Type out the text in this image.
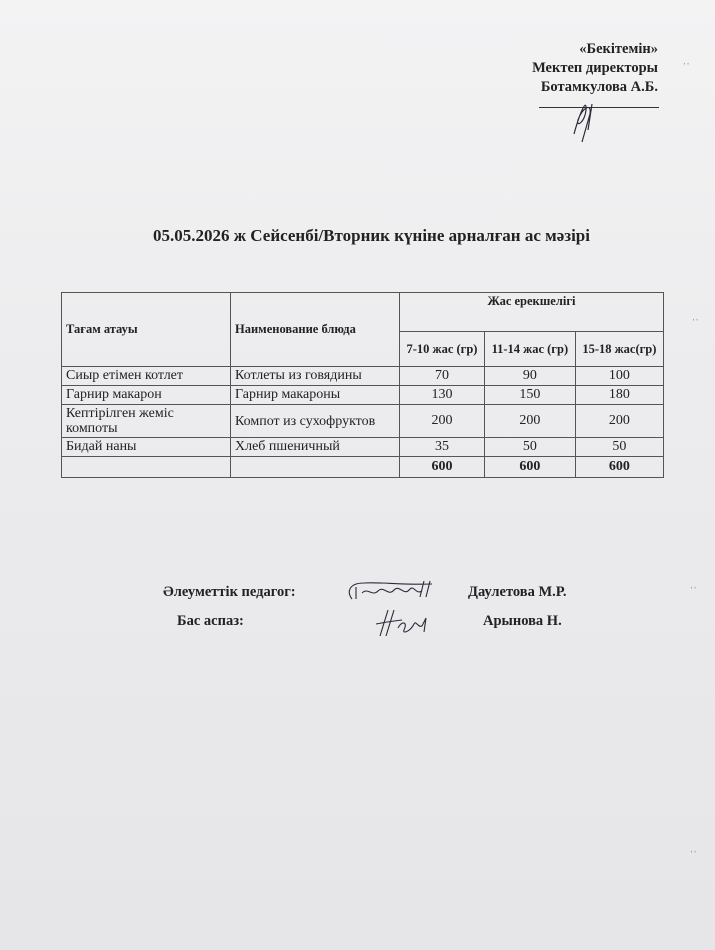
«Бекітемін»
Мектеп директоры
Ботамкулова А.Б.
05.05.2026 ж Сейсенбі/Вторник күніне арналған ас мәзірі
Тағам атауы	Наименование блюда	Жас ерекшелігі		
		7-10 жас (гр)	11-14 жас (гр)	15-18 жас(гр)
Сиыр етімен котлет	Котлеты из говядины	70	90	100
Гарнир макарон	Гарнир макароны	130	150	180
Кептірілген жеміс компоты	Компот из сухофруктов	200	200	200
Бидай наны	Хлеб пшеничный	35	50	50
		600	600	600
Әлеуметтік педагог:	Даулетова М.Р.
Бас аспаз:	Арынова Н.
ˈˈ
ˈˈ
ˈˈ
ˈˈ
